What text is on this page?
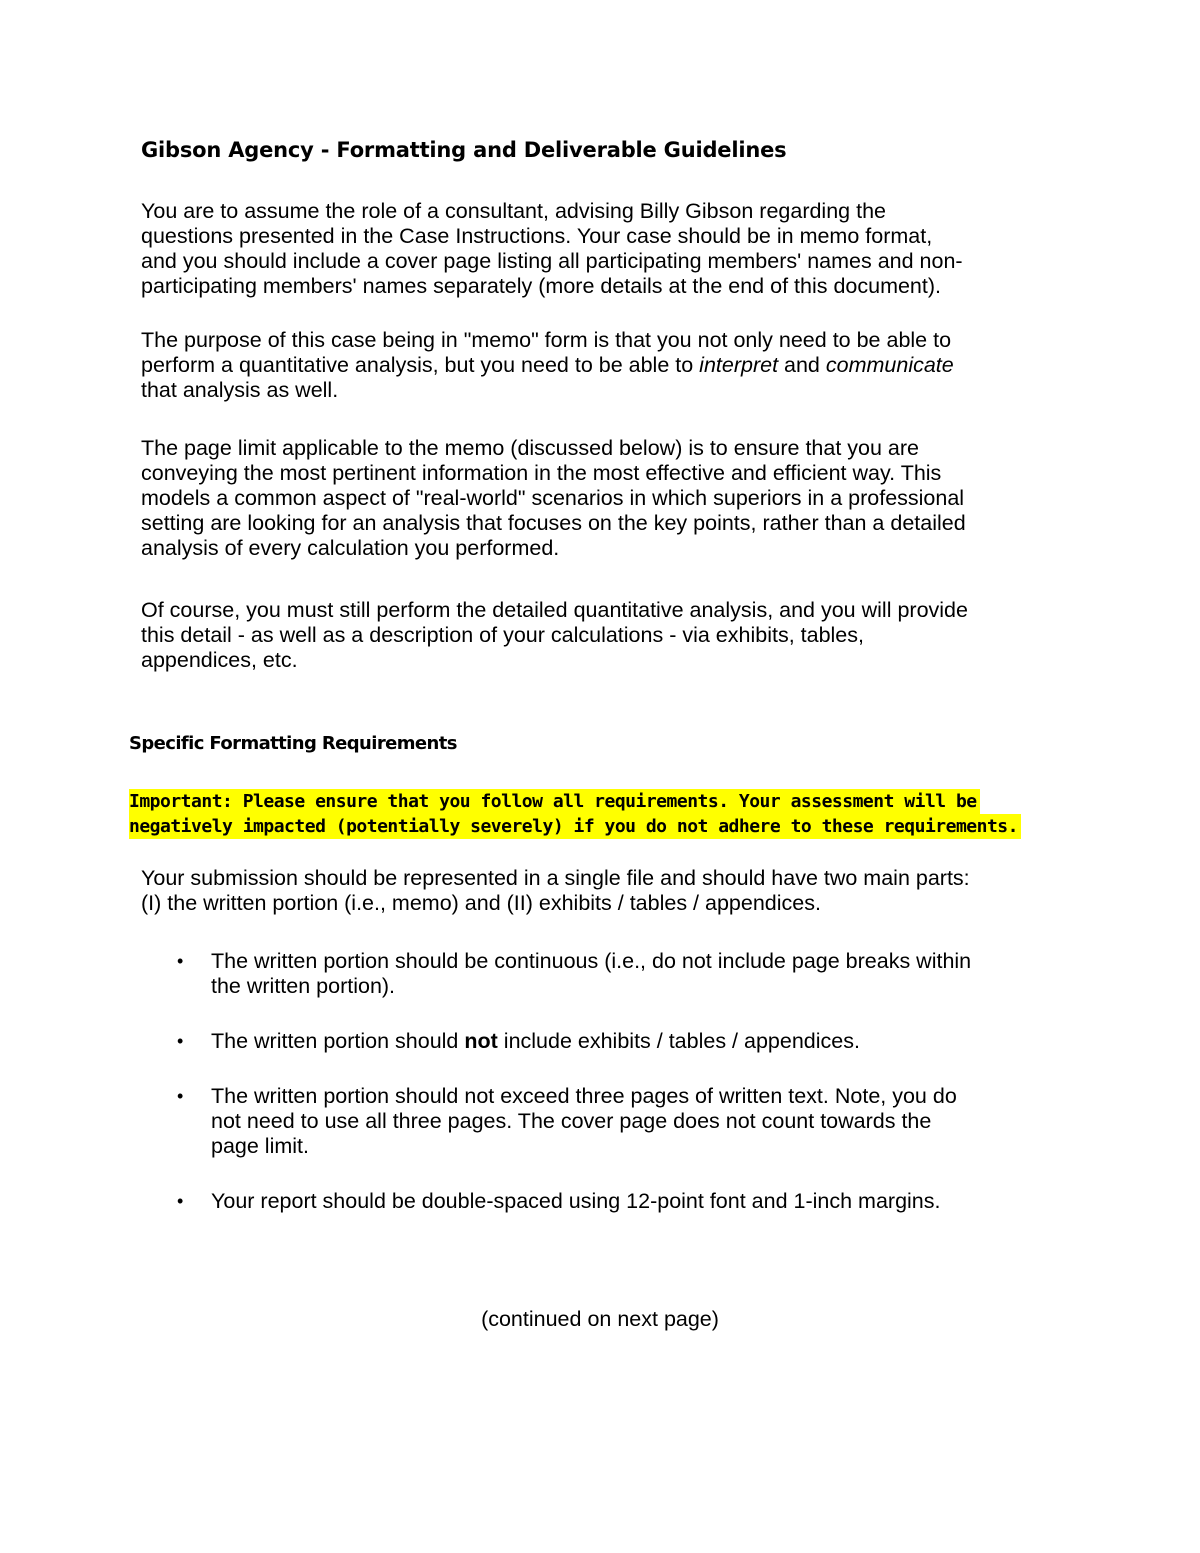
Gibson Agency - Formatting and Deliverable Guidelines

You are to assume the role of a consultant, advising Billy Gibson regarding the
questions presented in the Case Instructions. Your case should be in memo format,
and you should include a cover page listing all participating members' names and non-
participating members' names separately (more details at the end of this document).

The purpose of this case being in "memo" form is that you not only need to be able to
perform a quantitative analysis, but you need to be able to interpret and communicate
that analysis as well.

The page limit applicable to the memo (discussed below) is to ensure that you are
conveying the most pertinent information in the most effective and efficient way. This
models a common aspect of "real-world" scenarios in which superiors in a professional
setting are looking for an analysis that focuses on the key points, rather than a detailed
analysis of every calculation you performed.

Of course, you must still perform the detailed quantitative analysis, and you will provide
this detail - as well as a description of your calculations - via exhibits, tables,
appendices, etc.

Specific Formatting Requirements
Important: Please ensure that you follow all requirements. Your assessment will be
negatively impacted (potentially severely) if you do not adhere to these requirements.

Your submission should be represented in a single file and should have two main parts:
(I) the written portion (i.e., memo) and (II) exhibits / tables / appendices.

• The written portion should be continuous (i.e., do not include page breaks within
the written portion).
• The written portion should not include exhibits / tables / appendices.
• The written portion should not exceed three pages of written text. Note, you do
not need to use all three pages. The cover page does not count towards the
page limit.
• Your report should be double-spaced using 12-point font and 1-inch margins.
(continued on next page)
